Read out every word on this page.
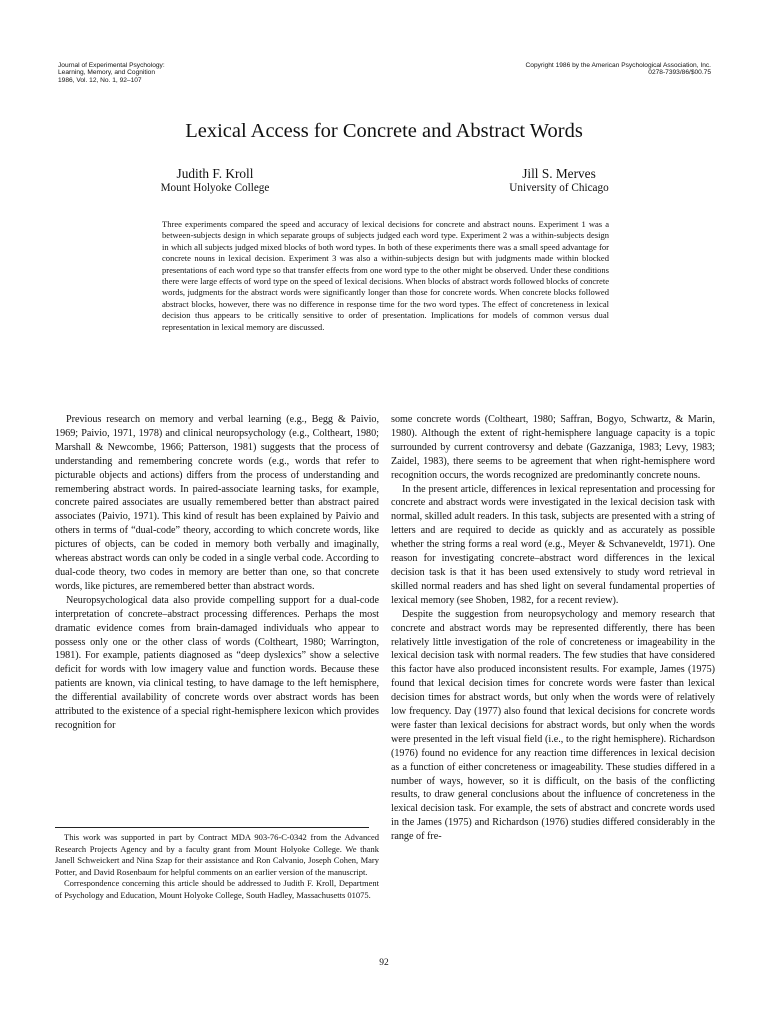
Journal of Experimental Psychology:
Learning, Memory, and Cognition
1986, Vol. 12, No. 1, 92–107
Copyright 1986 by the American Psychological Association, Inc.
0278-7393/86/$00.75
Lexical Access for Concrete and Abstract Words
Judith F. Kroll
Mount Holyoke College
Jill S. Merves
University of Chicago

Three experiments compared the speed and accuracy of lexical decisions for concrete and abstract nouns. Experiment 1 was a between-subjects design in which separate groups of subjects judged each word type. Experiment 2 was a within-subjects design in which all subjects judged mixed blocks of both word types. In both of these experiments there was a small speed advantage for concrete nouns in lexical decision. Experiment 3 was also a within-subjects design but with judgments made within blocked presentations of each word type so that transfer effects from one word type to the other might be observed. Under these conditions there were large effects of word type on the speed of lexical decisions. When blocks of abstract words followed blocks of concrete words, judgments for the abstract words were significantly longer than those for concrete words. When concrete blocks followed abstract blocks, however, there was no difference in response time for the two word types. The effect of concreteness in lexical decision thus appears to be critically sensitive to order of presentation. Implications for models of common versus dual representation in lexical memory are discussed.

Previous research on memory and verbal learning (e.g., Begg & Paivio, 1969; Paivio, 1971, 1978) and clinical neuropsychology (e.g., Coltheart, 1980; Marshall & Newcombe, 1966; Patterson, 1981) suggests that the process of understanding and remembering concrete words (e.g., words that refer to picturable objects and actions) differs from the process of understanding and remembering abstract words. In paired-associate learning tasks, for example, concrete paired associates are usually remembered better than abstract paired associates (Paivio, 1971). This kind of result has been explained by Paivio and others in terms of “dual-code” theory, according to which concrete words, like pictures of objects, can be coded in memory both verbally and imaginally, whereas abstract words can only be coded in a single verbal code. According to dual-code theory, two codes in memory are better than one, so that concrete words, like pictures, are remembered better than abstract words.

Neuropsychological data also provide compelling support for a dual-code interpretation of concrete–abstract processing differences. Perhaps the most dramatic evidence comes from brain-damaged individuals who appear to possess only one or the other class of words (Coltheart, 1980; Warrington, 1981). For example, patients diagnosed as “deep dyslexics” show a selective deficit for words with low imagery value and function words. Because these patients are known, via clinical testing, to have damage to the left hemisphere, the differential availability of concrete words over abstract words has been attributed to the existence of a special right-hemisphere lexicon which provides recognition for

some concrete words (Coltheart, 1980; Saffran, Bogyo, Schwartz, & Marin, 1980). Although the extent of right-hemisphere language capacity is a topic surrounded by current controversy and debate (Gazzaniga, 1983; Levy, 1983; Zaidel, 1983), there seems to be agreement that when right-hemisphere word recognition occurs, the words recognized are predominantly concrete nouns.

In the present article, differences in lexical representation and processing for concrete and abstract words were investigated in the lexical decision task with normal, skilled adult readers. In this task, subjects are presented with a string of letters and are required to decide as quickly and as accurately as possible whether the string forms a real word (e.g., Meyer & Schvaneveldt, 1971). One reason for investigating concrete–abstract word differences in the lexical decision task is that it has been used extensively to study word retrieval in skilled normal readers and has shed light on several fundamental properties of lexical memory (see Shoben, 1982, for a recent review).

Despite the suggestion from neuropsychology and memory research that concrete and abstract words may be represented differently, there has been relatively little investigation of the role of concreteness or imageability in the lexical decision task with normal readers. The few studies that have considered this factor have also produced inconsistent results. For example, James (1975) found that lexical decision times for concrete words were faster than lexical decision times for abstract words, but only when the words were of relatively low frequency. Day (1977) also found that lexical decisions for concrete words were faster than lexical decisions for abstract words, but only when the words were presented in the left visual field (i.e., to the right hemisphere). Richardson (1976) found no evidence for any reaction time differences in lexical decision as a function of either concreteness or imageability. These studies differed in a number of ways, however, so it is difficult, on the basis of the conflicting results, to draw general conclusions about the influence of concreteness in the lexical decision task. For example, the sets of abstract and concrete words used in the James (1975) and Richardson (1976) studies differed considerably in the range of fre-

This work was supported in part by Contract MDA 903-76-C-0342 from the Advanced Research Projects Agency and by a faculty grant from Mount Holyoke College. We thank Janell Schweickert and Nina Szap for their assistance and Ron Calvanio, Joseph Cohen, Mary Potter, and David Rosenbaum for helpful comments on an earlier version of the manuscript.

Correspondence concerning this article should be addressed to Judith F. Kroll, Department of Psychology and Education, Mount Holyoke College, South Hadley, Massachusetts 01075.

92
